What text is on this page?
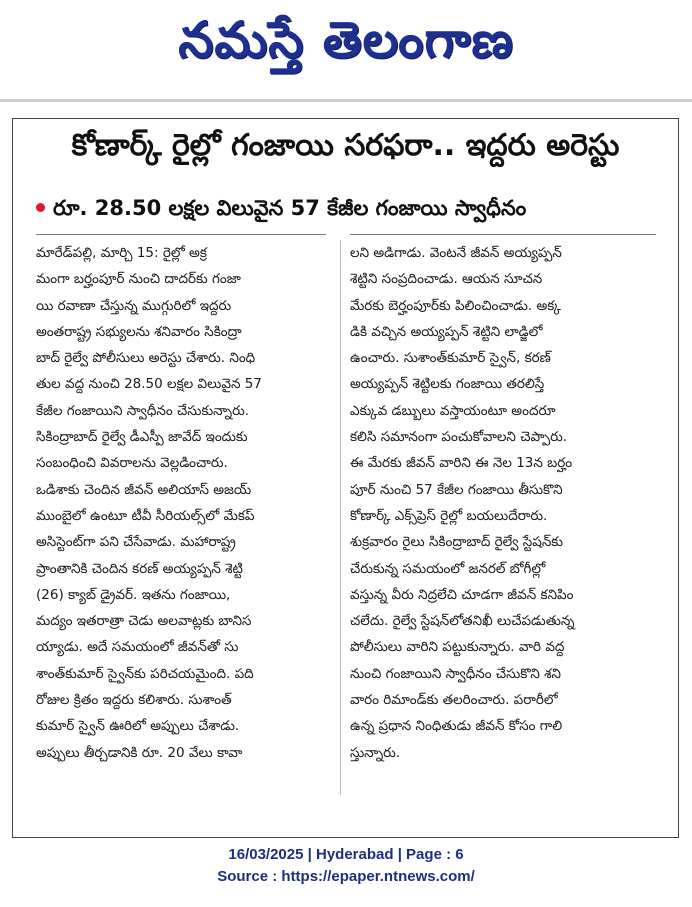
నమస్తే తెలంగాణ
కోణార్క్ రైల్లో గంజాయి సరఫరా.. ఇద్దరు అరెస్టు
రూ. 28.50 లక్షల విలువైన 57 కేజీల గంజాయి స్వాధీనం
మారేడ్‌పల్లి, మార్చి 15: రైల్లో అక్ర
మంగా బర్హంపూర్ నుంచి దాదర్‌కు గంజా
యి రవాణా చేస్తున్న ముగ్గురిలో ఇద్దరు
అంతరాష్ట్ర సభ్యులను శనివారం సికింద్రా
బాద్ రైల్వే పోలీసులు అరెస్టు చేశారు. నింధి
తుల వద్ద నుంచి 28.50 లక్షల విలువైన 57
కేజీల గంజాయిని స్వాధీనం చేసుకున్నారు.
సికింద్రాబాద్ రైల్వే డీఎస్పీ జావేద్ ఇందుకు
సంబంధించి వివరాలను వెల్లడించారు.
ఒడిశాకు చెందిన జీవన్ అలియాస్ అజయ్
ముంబైలో ఉంటూ టీవీ సీరియల్స్‌లో మేకప్
అసిస్టెంట్‌గా పని చేసేవాడు. మహారాష్ట్ర
ప్రాంతానికి చెందిన కరణ్ అయ్యప్పన్ శెట్టి
(26) క్యాబ్ డ్రైవర్. ఇతను గంజాయి,
మద్యం ఇతరాత్రా చెడు అలవాట్లకు బానిస
య్యాడు. అదే సమయంలో జీవన్‌తో సు
శాంత్‌కుమార్ స్వైన్‌కు పరిచయమైంది. పది
రోజుల క్రితం ఇద్దరు కలిశారు. సుశాంత్
కుమార్ స్వైన్ ఊరిలో అప్పులు చేశాడు.
అప్పులు తీర్చడానికి రూ. 20 వేలు కావా
లని అడిగాడు. వెంటనే జీవన్ అయ్యప్పన్
శెట్టిని సంప్రదించాడు. ఆయన సూచన
మేరకు బెర్హంపూర్‌కు పిలించించాడు. అక్క
డికి వచ్చిన అయ్యప్పన్ శెట్టిని లాడ్జిలో
ఉంచారు. సుశాంత్‌కుమార్ స్వైన్, కరణ్
అయ్యప్పన్ శెట్టిలకు గంజాయి తరలిస్తే
ఎక్కువ డబ్బులు వస్తాయంటూ అందరూ
కలిసి సమానంగా పంచుకోవాలని చెప్పారు.
ఈ మేరకు జీవన్ వారిని ఈ నెల 13న బర్హం
పూర్ నుంచి 57 కేజీల గంజాయి తీసుకొని
కోణార్క్ ఎక్స్‌ప్రెస్ రైల్లో బయలుదేరారు.
శుక్రవారం రైలు సికింద్రాబాద్ రైల్వే స్టేషన్‌కు
చేరుకున్న సమయంలో జనరల్ బోగీల్లో
వస్తున్న వీరు నిద్రలేచి చూడగా జీవన్ కనిపిం
చలేదు. రైల్వే స్టేషన్‌లోతనిఖీ లుచేపడుతున్న
పోలీసులు వారిని పట్టుకున్నారు. వారి వద్ద
నుంచి గంజాయిని స్వాధీనం చేసుకొని శని
వారం రిమాండ్‌కు తలరించారు. పరారీలో
ఉన్న ప్రధాన నింధితుడు జీవన్ కోసం గాలి
స్తున్నారు.
16/03/2025 | Hyderabad | Page : 6
Source : https://epaper.ntnews.com/
